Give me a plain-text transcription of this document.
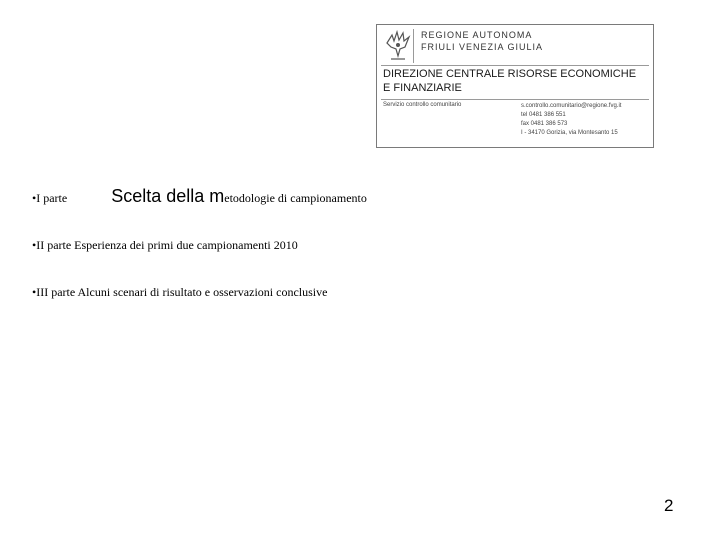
REGIONE AUTONOMA
FRIULI VENEZIA GIULIA
DIREZIONE CENTRALE RISORSE ECONOMICHE
E FINANZIARIE
Servizio controllo comunitario	s.controllo.comunitario@regione.fvg.it
tel 0481 386 551
fax 0481 386 573
I - 34170 Gorizia, via Montesanto 15
•I parte Scelta della metodologie di campionamento
•II parte Esperienza dei primi due campionamenti 2010
•III parte Alcuni scenari di risultato e osservazioni conclusive
2
